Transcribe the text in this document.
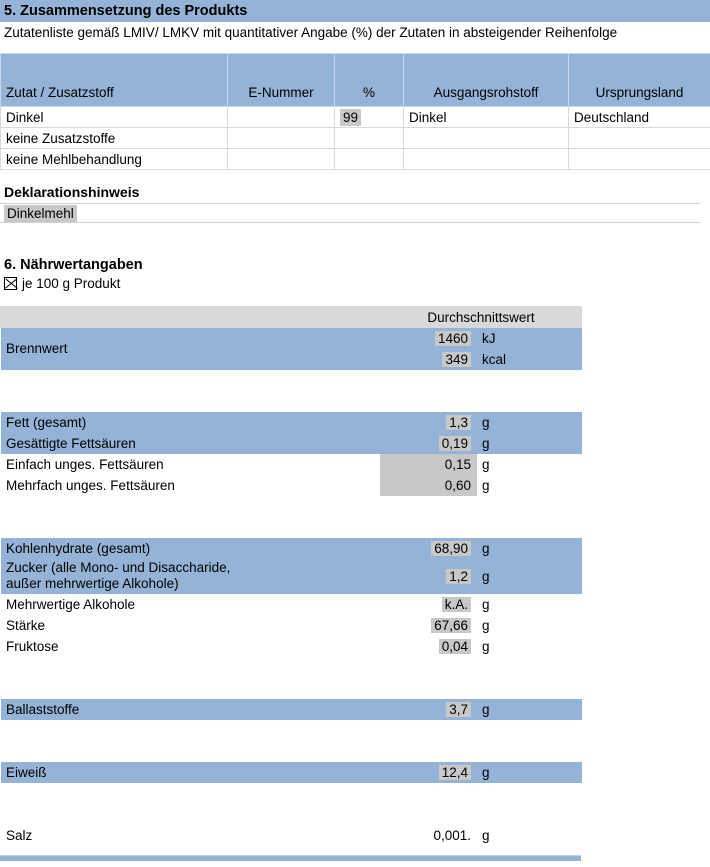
5. Zusammensetzung des Produkts
Zutatenliste gemäß LMIV/ LMKV mit quantitativer Angabe (%) der Zutaten in absteigender Reihenfolge
Zutat / Zusatzstoff	E-Nummer	%	Ausgangsrohstoff	Ursprungsland
Dinkel		99	Dinkel	Deutschland
keine Zusatzstoffe				
keine Mehlbehandlung				
Deklarationshinweis
Dinkelmehl
6. Nährwertangaben
je 100 g Produkt
		Durchschnittswert	
Brennwert		1460	kJ
		349	kcal

Fett (gesamt)		1,3	g
Gesättigte Fettsäuren		0,19	g
Einfach unges. Fettsäuren		0,15	g
Mehrfach unges. Fettsäuren		0,60	g

Kohlenhydrate (gesamt)		68,90	g

Zucker (alle Mono- und Disaccharide,
außer mehrwertige Alkohole)		1,2	g
Mehrwertige Alkohole		k.A.	g
Stärke		67,66	g
Fruktose		0,04	g

Ballaststoffe		3,7	g

Eiweiß		12,4	g

Salz		0,001.	g
